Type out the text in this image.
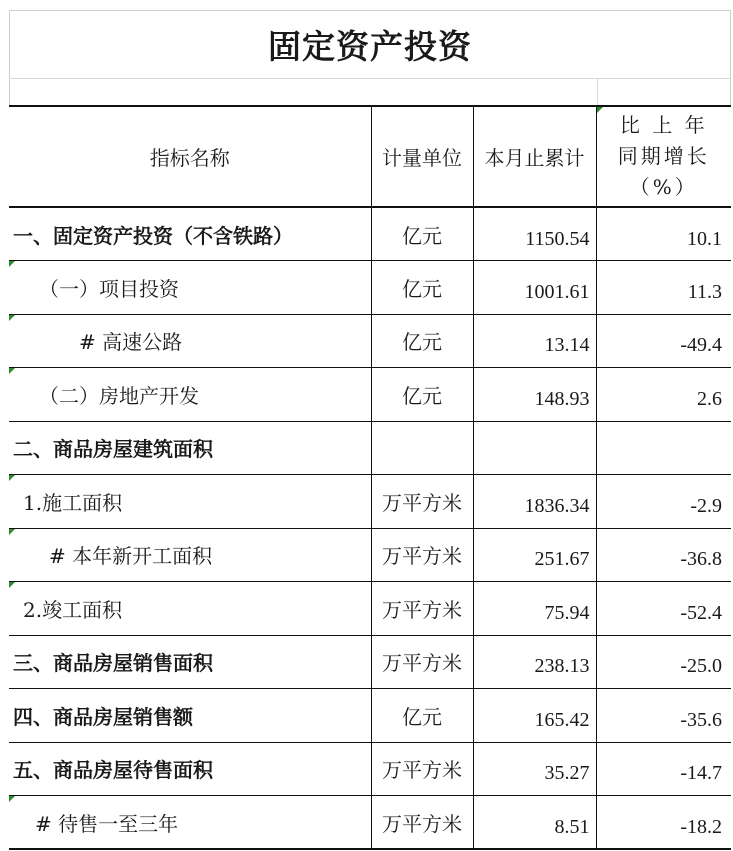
固定资产投资
指标名称	计量单位	本月止累计	比 上 年
同期增长
（%）

一、固定资产投资（不含铁路）	亿元	1150.54	10.1

（一）项目投资	亿元	1001.61	11.3

# 高速公路	亿元	13.14	-49.4

（二）房地产开发	亿元	148.93	2.6
二、商品房屋建筑面积			

1.施工面积	万平方米	1836.34	-2.9

# 本年新开工面积	万平方米	251.67	-36.8

2.竣工面积	万平方米	75.94	-52.4
三、商品房屋销售面积	万平方米	238.13	-25.0
四、商品房屋销售额	亿元	165.42	-35.6
五、商品房屋待售面积	万平方米	35.27	-14.7

# 待售一至三年	万平方米	8.51	-18.2
